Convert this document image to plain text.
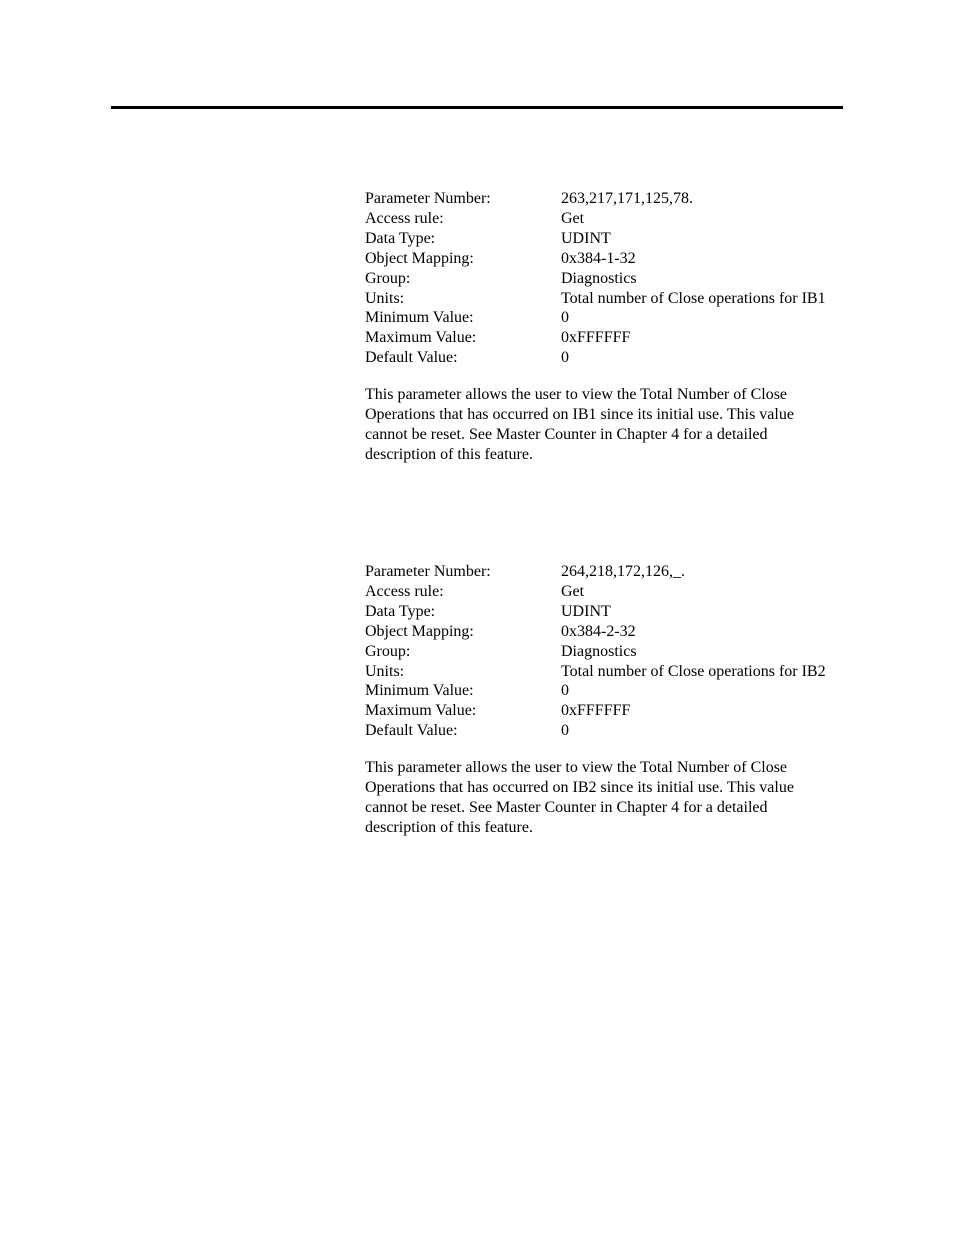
Parameter Number:	263,217,171,125,78.
Access rule:	Get
Data Type:	UDINT
Object Mapping:	0x384-1-32
Group:	Diagnostics
Units:	Total number of Close operations for IB1
Minimum Value:	0
Maximum Value:	0xFFFFFF
Default Value:	0

This parameter allows the user to view the Total Number of Close

Operations that has occurred on IB1 since its initial use. This value

cannot be reset. See Master Counter in Chapter 4 for a detailed

description of this feature.

Parameter Number:	264,218,172,126,_.
Access rule:	Get
Data Type:	UDINT
Object Mapping:	0x384-2-32
Group:	Diagnostics
Units:	Total number of Close operations for IB2
Minimum Value:	0
Maximum Value:	0xFFFFFF
Default Value:	0

This parameter allows the user to view the Total Number of Close

Operations that has occurred on IB2 since its initial use. This value

cannot be reset. See Master Counter in Chapter 4 for a detailed

description of this feature.
